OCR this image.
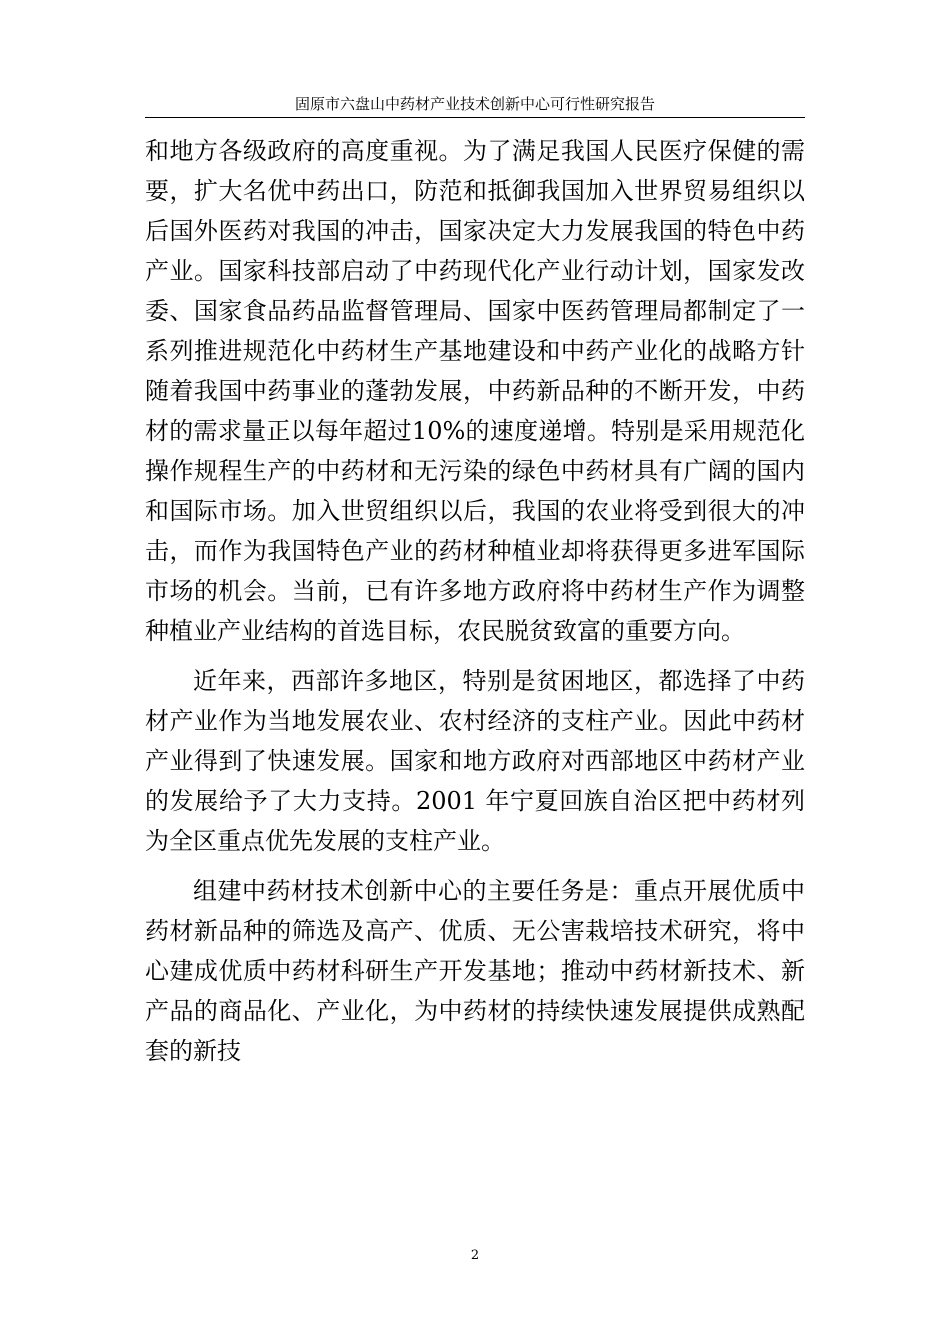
固原市六盘山中药材产业技术创新中心可行性研究报告

和地方各级政府的高度重视。为了满足我国人民医疗保健的需要，扩大名优中药出口，防范和抵御我国加入世界贸易组织以后国外医药对我国的冲击，国家决定大力发展我国的特色中药产业。国家科技部启动了中药现代化产业行动计划，国家发改委、国家食品药品监督管理局、国家中医药管理局都制定了一系列推进规范化中药材生产基地建设和中药产业化的战略方针随着我国中药事业的蓬勃发展，中药新品种的不断开发，中药材的需求量正以每年超过10%的速度递增。特别是采用规范化操作规程生产的中药材和无污染的绿色中药材具有广阔的国内和国际市场。加入世贸组织以后，我国的农业将受到很大的冲击，而作为我国特色产业的药材种植业却将获得更多进军国际市场的机会。当前，已有许多地方政府将中药材生产作为调整种植业产业结构的首选目标，农民脱贫致富的重要方向。

近年来，西部许多地区，特别是贫困地区，都选择了中药材产业作为当地发展农业、农村经济的支柱产业。因此中药材产业得到了快速发展。国家和地方政府对西部地区中药材产业的发展给予了大力支持。2001 年宁夏回族自治区把中药材列为全区重点优先发展的支柱产业。

组建中药材技术创新中心的主要任务是：重点开展优质中药材新品种的筛选及高产、优质、无公害栽培技术研究，将中心建成优质中药材科研生产开发基地；推动中药材新技术、新产品的商品化、产业化，为中药材的持续快速发展提供成熟配套的新技

2
